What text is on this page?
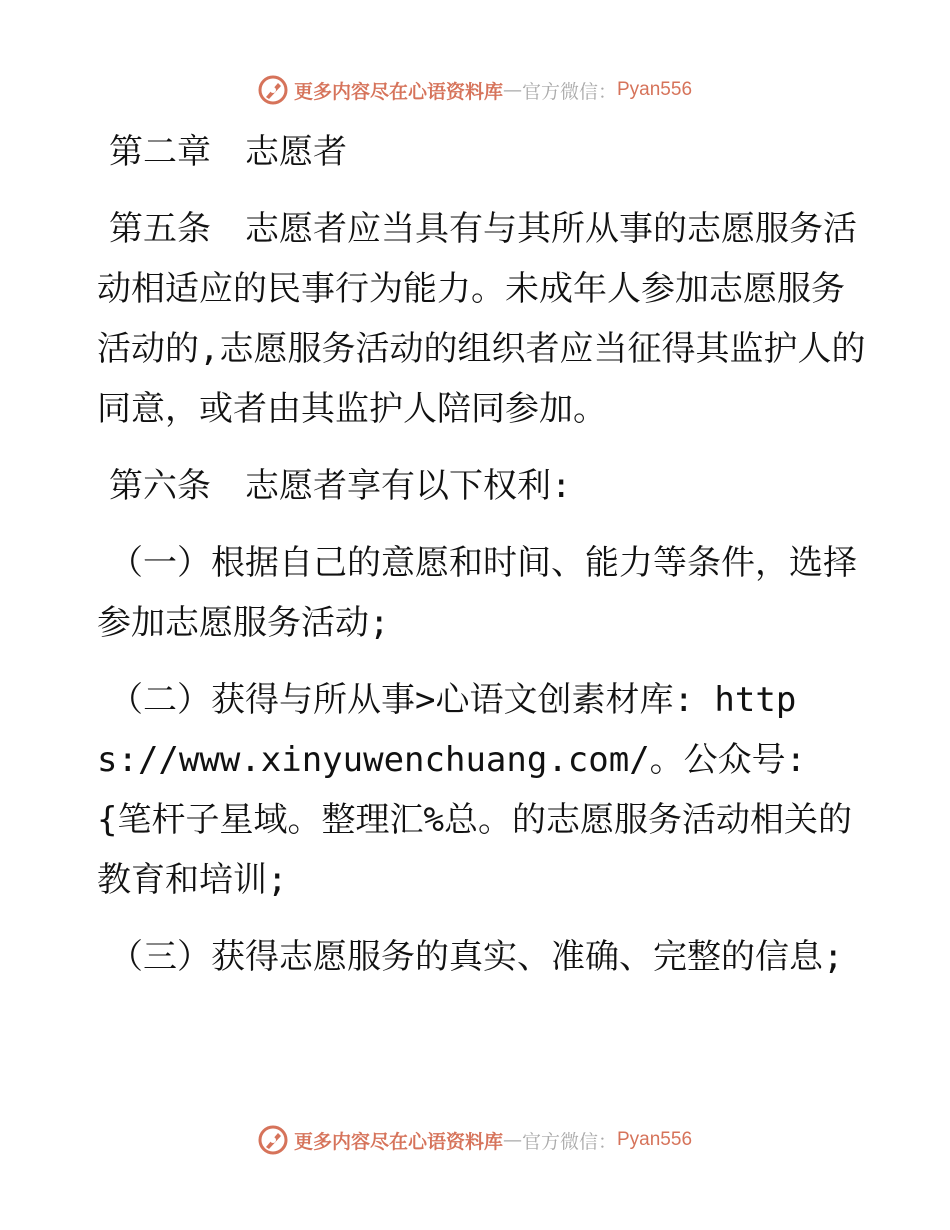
更多内容尽在心语资料库 — 官方微信： Pyan556

第二章　志愿者

第五条　志愿者应当具有与其所从事的志愿服务活动相适应的民事行为能力。未成年人参加志愿服务活动的,志愿服务活动的组织者应当征得其监护人的同意，或者由其监护人陪同参加。

第六条　志愿者享有以下权利:

（一）根据自己的意愿和时间、能力等条件，选择参加志愿服务活动;

（二）获得与所从事>心语文创素材库: https://www.xinyuwenchuang.com/。公众号: {笔杆子星域。整理汇%总。的志愿服务活动相关的教育和培训;

（三）获得志愿服务的真实、准确、完整的信息;

更多内容尽在心语资料库 — 官方微信： Pyan556
